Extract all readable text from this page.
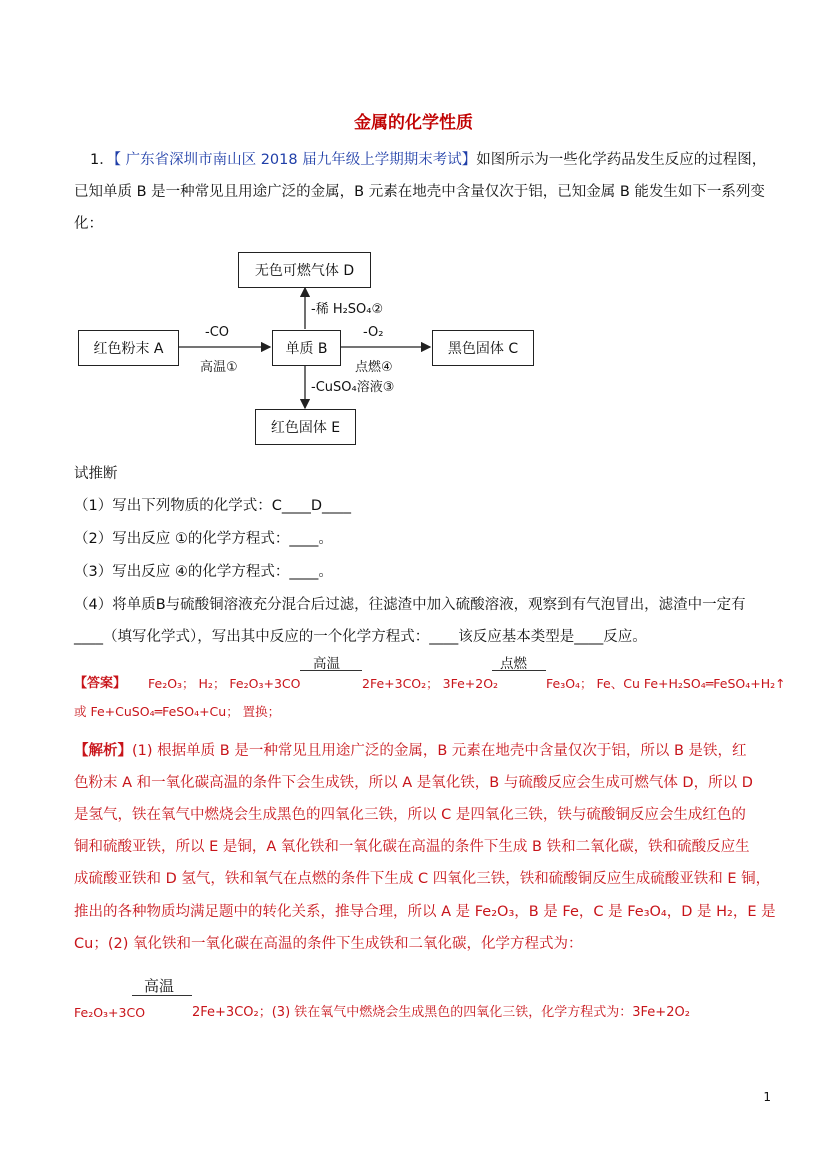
金属的化学性质
1．【 广东省深圳市南山区 2018 届九年级上学期期末考试】如图所示为一些化学药品发生反应的过程图，
已知单质 B 是一种常见且用途广泛的金属，B 元素在地壳中含量仅次于铝，已知金属 B 能发生如下一系列变
化：
红色粉末 A	单质 B	黑色固体 C
无色可燃气体 D
红色固体 E
-CO
高温①
-O₂
点燃④
-稀 H₂SO₄②
-CuSO₄溶液③
试推断
（1）写出下列物质的化学式：C____D____
（2）写出反应 ①的化学方程式：____。
（3）写出反应 ④的化学方程式：____。
（4）将单质B与硫酸铜溶液充分混合后过滤，往滤渣中加入硫酸溶液，观察到有气泡冒出，滤渣中一定有
____（填写化学式），写出其中反应的一个化学方程式：____该反应基本类型是____反应。
【答案】 Fe₂O₃； H₂； Fe₂O₃+3CO
高温
2Fe+3CO₂； 3Fe+2O₂
点燃
Fe₃O₄； Fe、Cu Fe+H₂SO₄═FeSO₄+H₂↑
或 Fe+CuSO₄═FeSO₄+Cu； 置换；
【解析】(1) 根据单质 B 是一种常见且用途广泛的金属，B 元素在地壳中含量仅次于铝，所以 B 是铁，红
色粉末 A 和一氧化碳高温的条件下会生成铁，所以 A 是氧化铁，B 与硫酸反应会生成可燃气体 D，所以 D
是氢气，铁在氧气中燃烧会生成黑色的四氧化三铁，所以 C 是四氧化三铁，铁与硫酸铜反应会生成红色的
铜和硫酸亚铁，所以 E 是铜，A 氧化铁和一氧化碳在高温的条件下生成 B 铁和二氧化碳，铁和硫酸反应生
成硫酸亚铁和 D 氢气，铁和氧气在点燃的条件下生成 C 四氧化三铁，铁和硫酸铜反应生成硫酸亚铁和 E 铜，
推出的各种物质均满足题中的转化关系，推导合理，所以 A 是 Fe₂O₃，B 是 Fe，C 是 Fe₃O₄，D 是 H₂，E 是
Cu；(2) 氧化铁和一氧化碳在高温的条件下生成铁和二氧化碳，化学方程式为：
高温
Fe₂O₃+3CO	2Fe+3CO₂；(3) 铁在氧气中燃烧会生成黑色的四氧化三铁，化学方程式为：3Fe+2O₂
1
